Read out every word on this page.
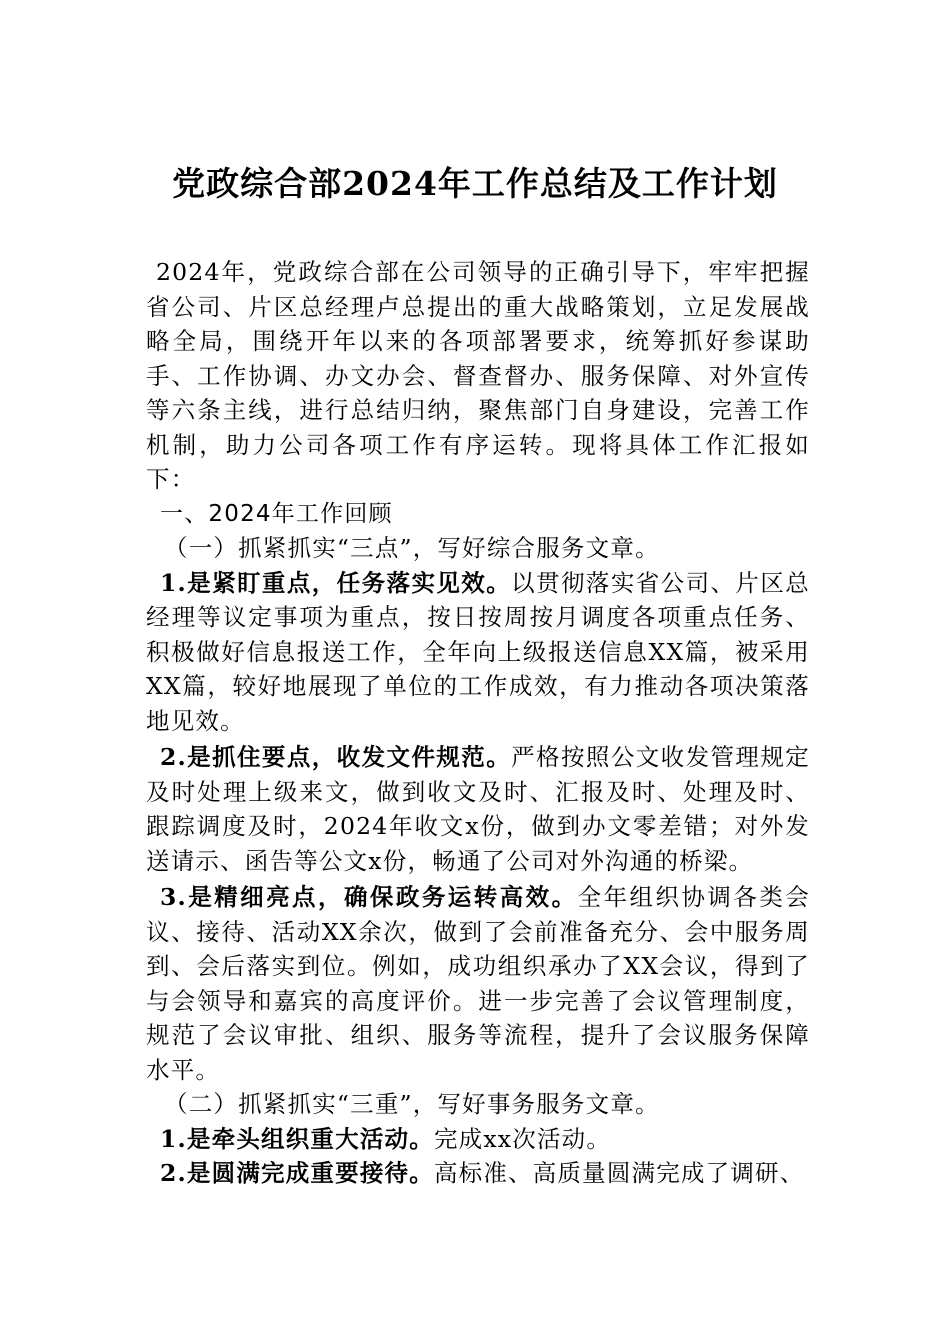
党政综合部2024年工作总结及工作计划

2024年，党政综合部在公司领导的正确引导下，牢牢把握省公司、片区总经理卢总提出的重大战略策划，立足发展战略全局，围绕开年以来的各项部署要求，统筹抓好参谋助手、工作协调、办文办会、督查督办、服务保障、对外宣传等六条主线，进行总结归纳，聚焦部门自身建设，完善工作机制，助力公司各项工作有序运转。现将具体工作汇报如下：

一、2024年工作回顾

（一）抓紧抓实“三点”，写好综合服务文章。

1.是紧盯重点，任务落实见效。以贯彻落实省公司、片区总经理等议定事项为重点，按日按周按月调度各项重点任务、积极做好信息报送工作，全年向上级报送信息XX篇，被采用XX篇，较好地展现了单位的工作成效，有力推动各项决策落地见效。

2.是抓住要点，收发文件规范。严格按照公文收发管理规定及时处理上级来文，做到收文及时、汇报及时、处理及时、跟踪调度及时，2024年收文x份，做到办文零差错；对外发送请示、函告等公文x份，畅通了公司对外沟通的桥梁。

3.是精细亮点，确保政务运转高效。全年组织协调各类会议、接待、活动XX余次，做到了会前准备充分、会中服务周到、会后落实到位。例如，成功组织承办了XX会议，得到了与会领导和嘉宾的高度评价。进一步完善了会议管理制度，规范了会议审批、组织、服务等流程，提升了会议服务保障水平。

（二）抓紧抓实“三重”，写好事务服务文章。

1.是牵头组织重大活动。完成xx次活动。

2.是圆满完成重要接待。高标准、高质量圆满完成了调研、
